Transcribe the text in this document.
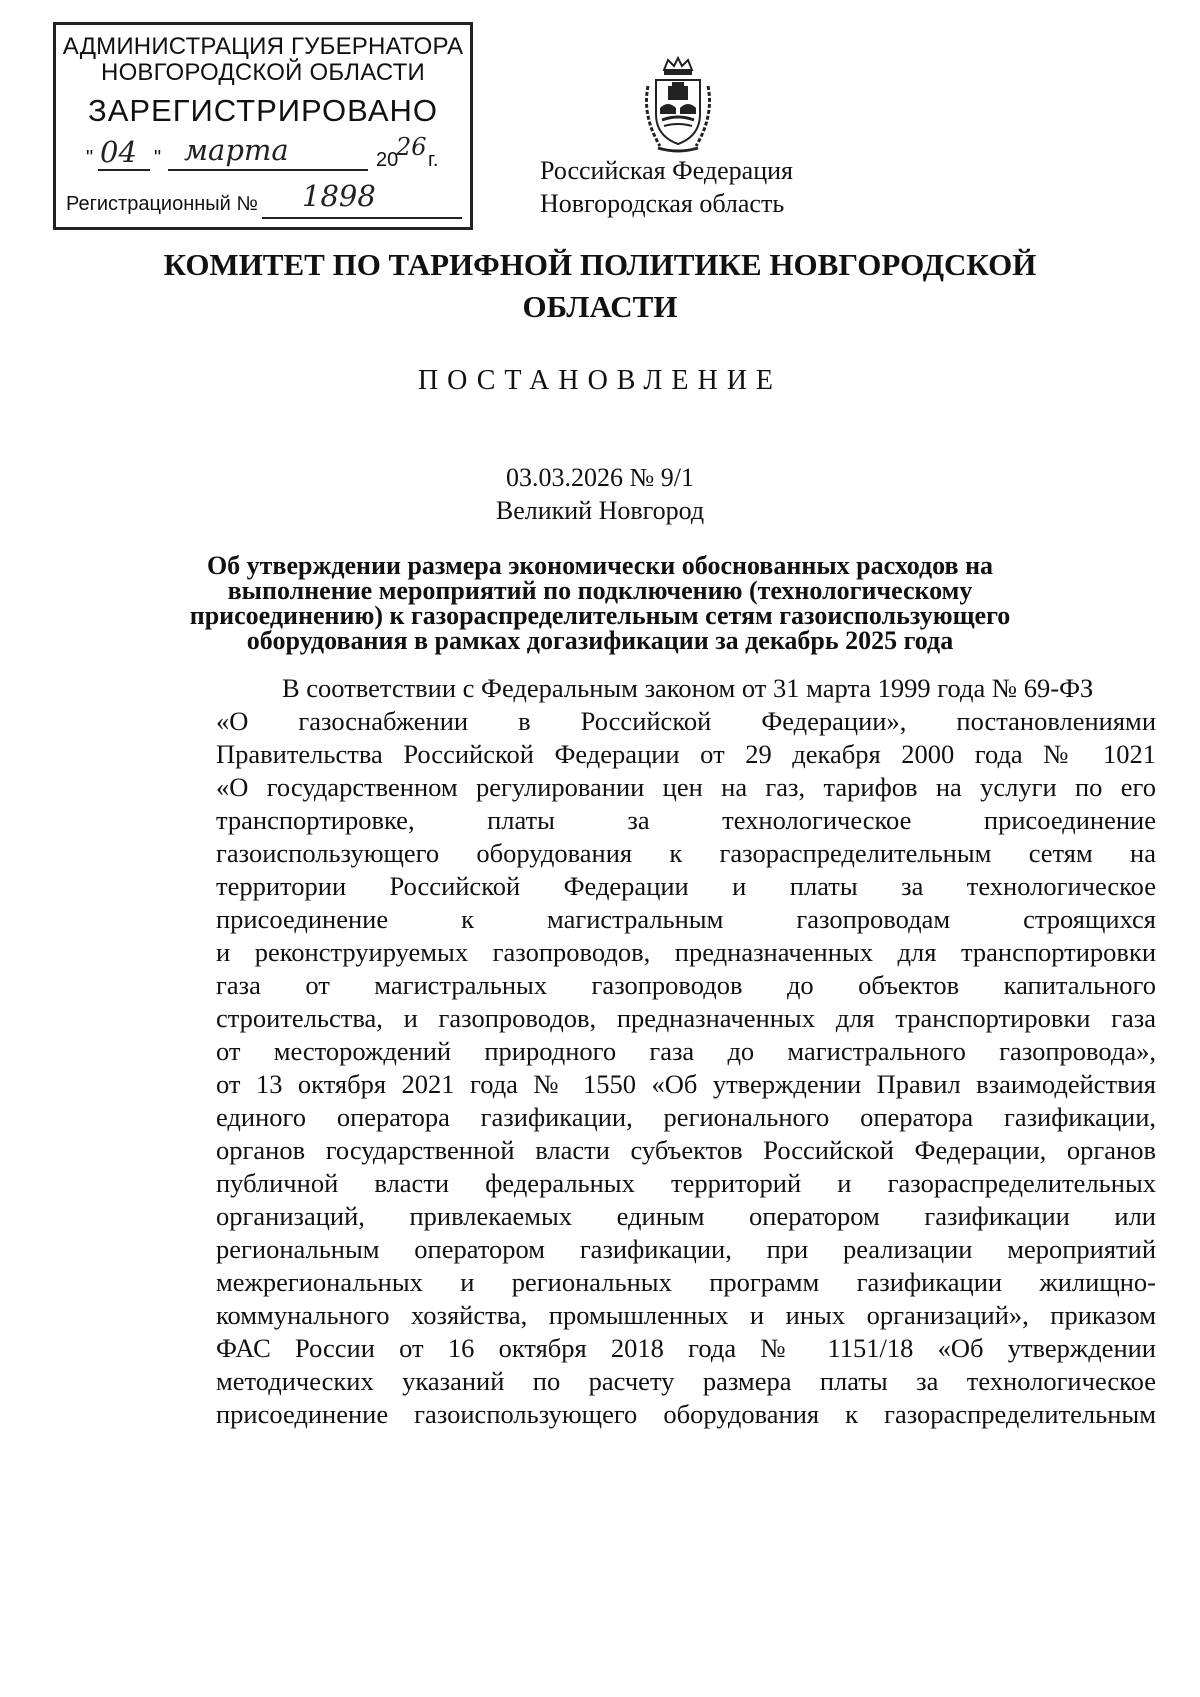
АДМИНИСТРАЦИЯ ГУБЕРНАТОРА
НОВГОРОДСКОЙ ОБЛАСТИ
ЗАРЕГИСТРИРОВАНО
" 04 " марта	20
26 г.
Регистрационный № 1898
Российская Федерация
Новгородская область
КОМИТЕТ ПО ТАРИФНОЙ ПОЛИТИКЕ НОВГОРОДСКОЙ
ОБЛАСТИ
ПОСТАНОВЛЕНИЕ
03.03.2026 № 9/1
Великий Новгород
Об утверждении размера экономически обоснованных расходов на
выполнение мероприятий по подключению (технологическому
присоединению) к газораспределительным сетям газоиспользующего
оборудования в рамках догазификации за декабрь 2025 года
В соответствии с Федеральным законом от 31 марта 1999 года № 69-ФЗ
«О газоснабжении в Российской Федерации», постановлениями
Правительства Российской Федерации от 29 декабря 2000 года № 1021
«О государственном регулировании цен на газ, тарифов на услуги по его
транспортировке, платы за технологическое присоединение
газоиспользующего оборудования к газораспределительным сетям на
территории Российской Федерации и платы за технологическое
присоединение к магистральным газопроводам строящихся
и реконструируемых газопроводов, предназначенных для транспортировки
газа от магистральных газопроводов до объектов капитального
строительства, и газопроводов, предназначенных для транспортировки газа
от месторождений природного газа до магистрального газопровода»,
от 13 октября 2021 года № 1550 «Об утверждении Правил взаимодействия
единого оператора газификации, регионального оператора газификации,
органов государственной власти субъектов Российской Федерации, органов
публичной власти федеральных территорий и газораспределительных
организаций, привлекаемых единым оператором газификации или
региональным оператором газификации, при реализации мероприятий
межрегиональных и региональных программ газификации жилищно-
коммунального хозяйства, промышленных и иных организаций», приказом
ФАС России от 16 октября 2018 года № 1151/18 «Об утверждении
методических указаний по расчету размера платы за технологическое
присоединение газоиспользующего оборудования к газораспределительным
